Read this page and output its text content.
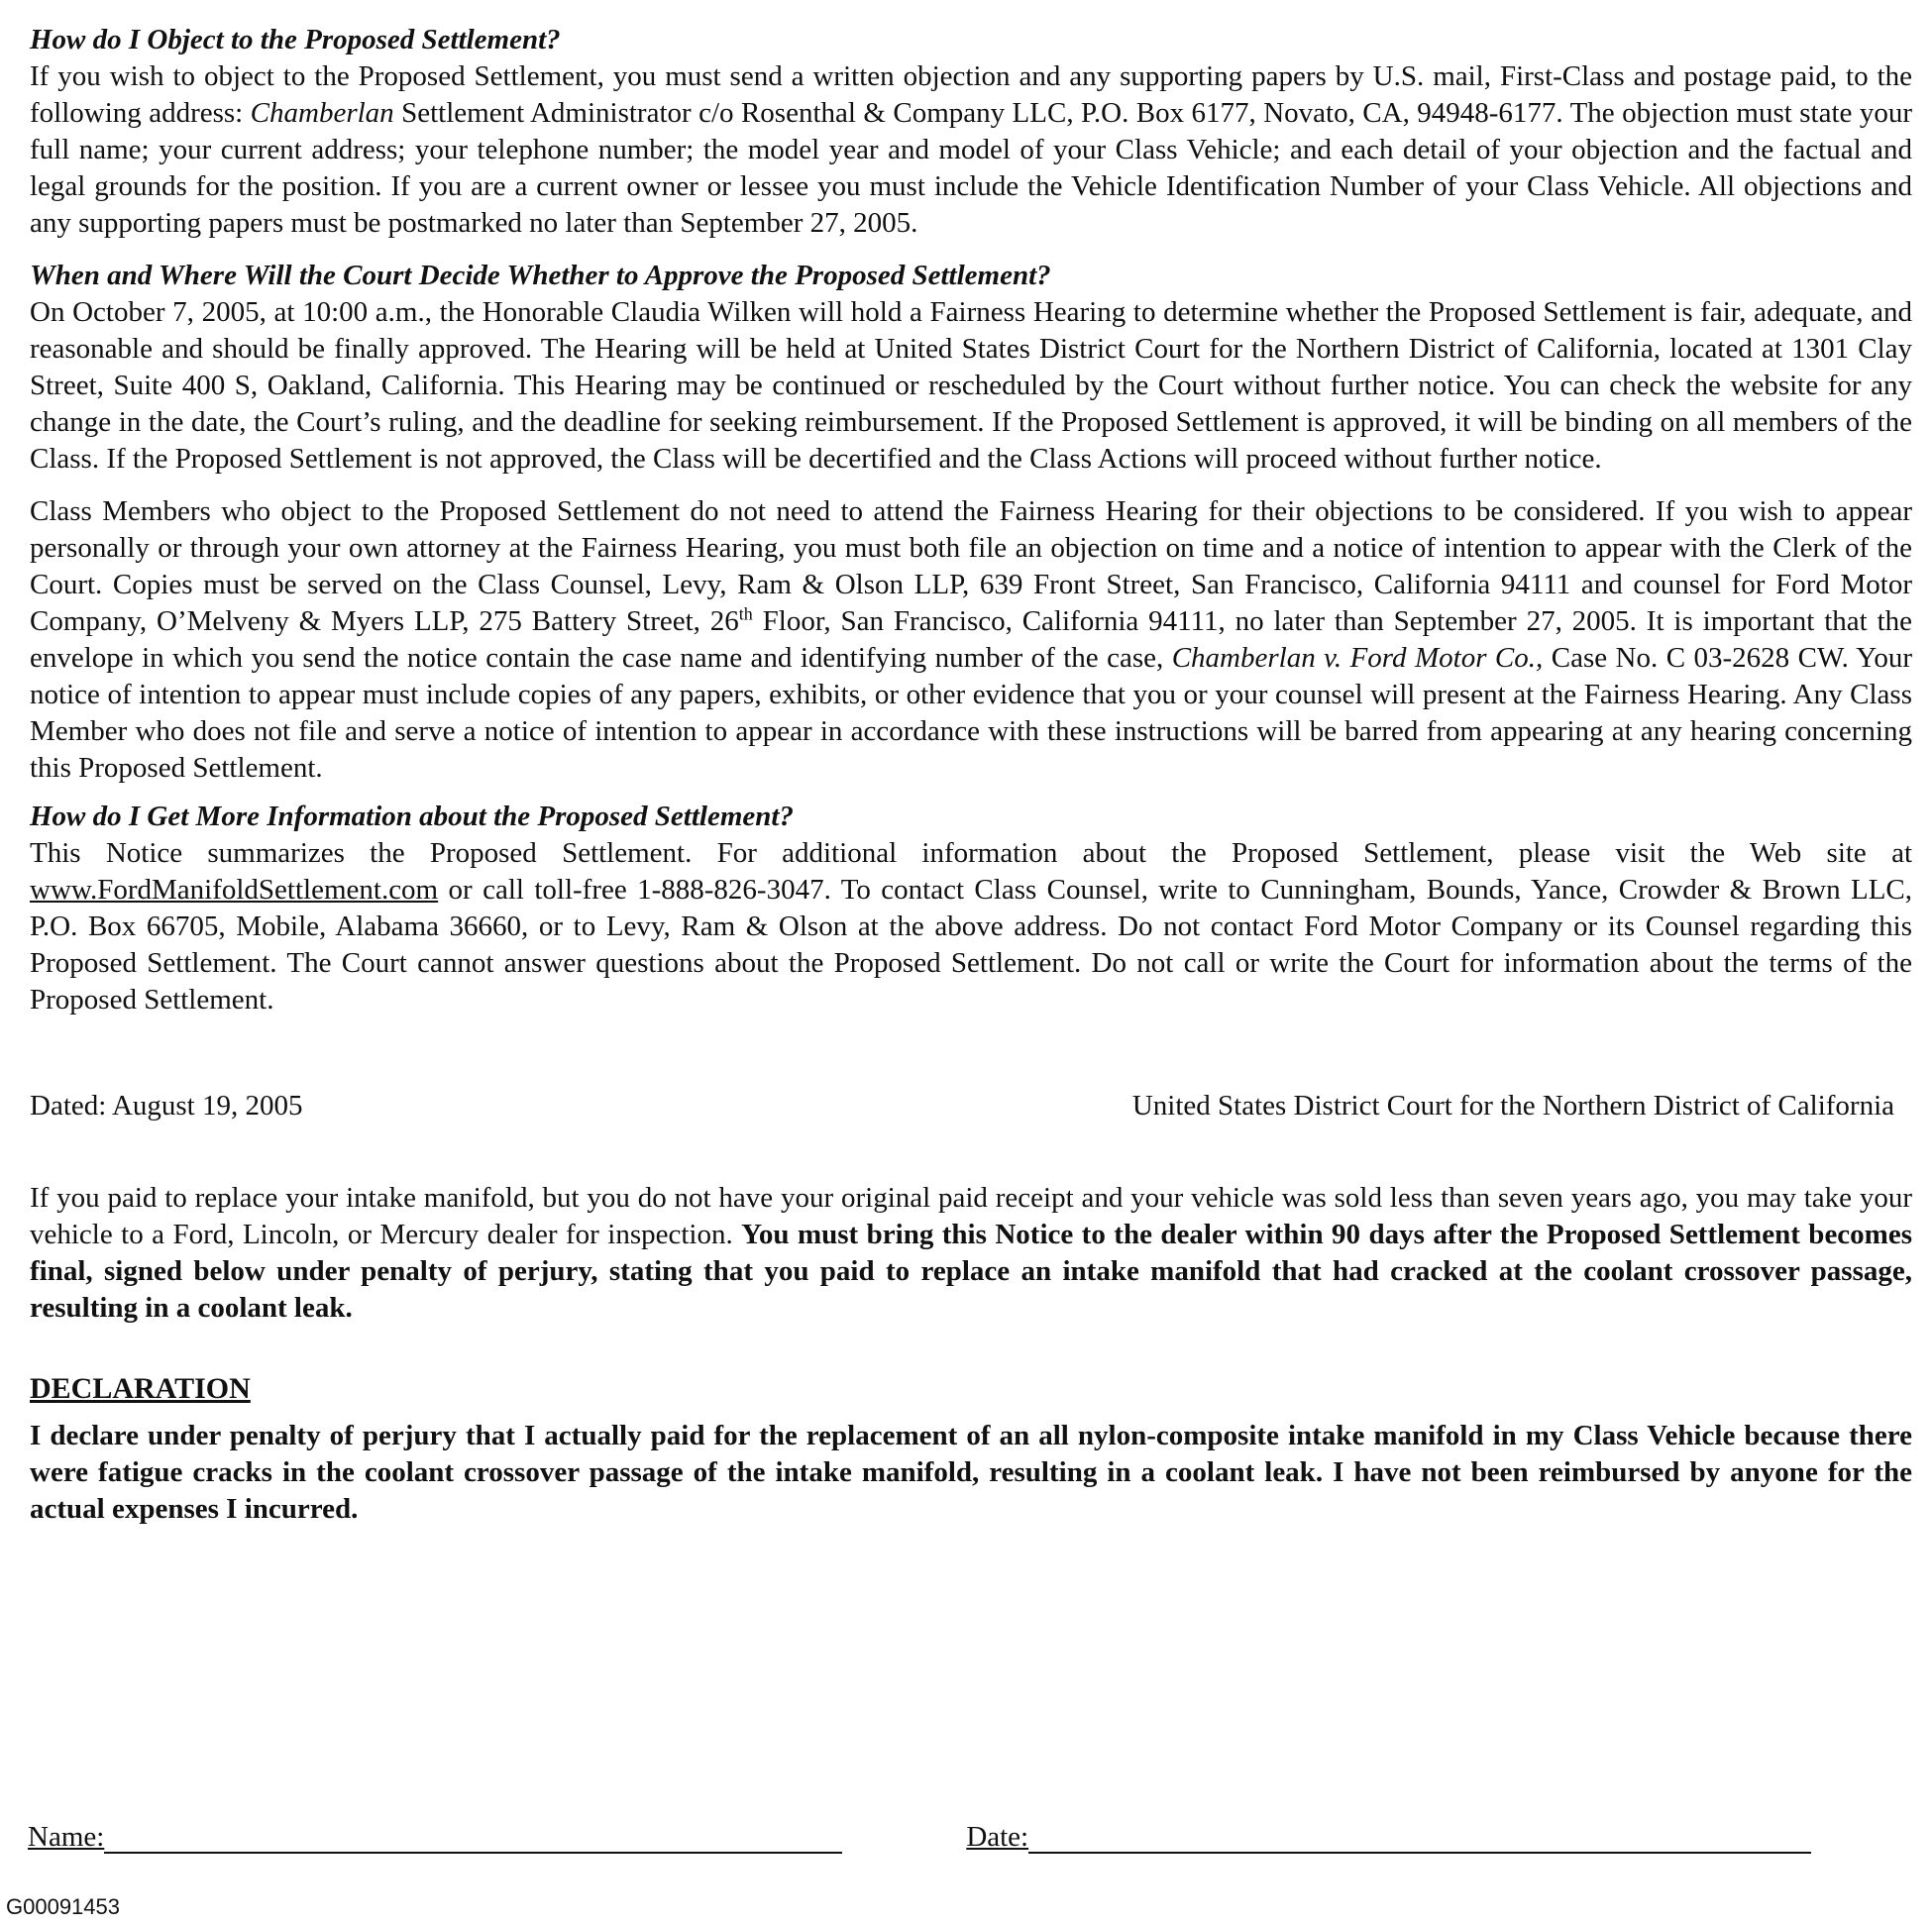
How do I Object to the Proposed Settlement?

If you wish to object to the Proposed Settlement, you must send a written objection and any supporting papers by U.S. mail, First-Class and postage paid, to the following address: Chamberlan Settlement Administrator c/o Rosenthal & Company LLC, P.O. Box 6177, Novato, CA, 94948-6177. The objection must state your full name; your current address; your telephone number; the model year and model of your Class Vehicle; and each detail of your objection and the factual and legal grounds for the position. If you are a current owner or lessee you must include the Vehicle Identification Number of your Class Vehicle. All objections and any supporting papers must be postmarked no later than September 27, 2005.

When and Where Will the Court Decide Whether to Approve the Proposed Settlement?

On October 7, 2005, at 10:00 a.m., the Honorable Claudia Wilken will hold a Fairness Hearing to determine whether the Proposed Settlement is fair, adequate, and reasonable and should be finally approved. The Hearing will be held at United States District Court for the Northern District of California, located at 1301 Clay Street, Suite 400 S, Oakland, California. This Hearing may be continued or rescheduled by the Court without further notice. You can check the website for any change in the date, the Court’s ruling, and the deadline for seeking reimbursement. If the Proposed Settlement is approved, it will be binding on all members of the Class. If the Proposed Settlement is not approved, the Class will be decertified and the Class Actions will proceed without further notice.

Class Members who object to the Proposed Settlement do not need to attend the Fairness Hearing for their objections to be considered. If you wish to appear personally or through your own attorney at the Fairness Hearing, you must both file an objection on time and a notice of intention to appear with the Clerk of the Court. Copies must be served on the Class Counsel, Levy, Ram & Olson LLP, 639 Front Street, San Francisco, California 94111 and counsel for Ford Motor Company, O’Melveny & Myers LLP, 275 Battery Street, 26th Floor, San Francisco, California 94111, no later than September 27, 2005. It is important that the envelope in which you send the notice contain the case name and identifying number of the case, Chamberlan v. Ford Motor Co., Case No. C 03-2628 CW. Your notice of intention to appear must include copies of any papers, exhibits, or other evidence that you or your counsel will present at the Fairness Hearing. Any Class Member who does not file and serve a notice of intention to appear in accordance with these instructions will be barred from appearing at any hearing concerning this Proposed Settlement.

How do I Get More Information about the Proposed Settlement?

This Notice summarizes the Proposed Settlement. For additional information about the Proposed Settlement, please visit the Web site at www.FordManifoldSettlement.com or call toll-free 1-888-826-3047. To contact Class Counsel, write to Cunningham, Bounds, Yance, Crowder & Brown LLC, P.O. Box 66705, Mobile, Alabama 36660, or to Levy, Ram & Olson at the above address. Do not contact Ford Motor Company or its Counsel regarding this Proposed Settlement. The Court cannot answer questions about the Proposed Settlement. Do not call or write the Court for information about the terms of the Proposed Settlement.

Dated: August 19, 2005	United States District Court for the Northern District of California

If you paid to replace your intake manifold, but you do not have your original paid receipt and your vehicle was sold less than seven years ago, you may take your vehicle to a Ford, Lincoln, or Mercury dealer for inspection. You must bring this Notice to the dealer within 90 days after the Proposed Settlement becomes final, signed below under penalty of perjury, stating that you paid to replace an intake manifold that had cracked at the coolant crossover passage, resulting in a coolant leak.

DECLARATION

I declare under penalty of perjury that I actually paid for the replacement of an all nylon-composite intake manifold in my Class Vehicle because there were fatigue cracks in the coolant crossover passage of the intake manifold, resulting in a coolant leak. I have not been reimbursed by anyone for the actual expenses I incurred.

Name:	Date:
G00091453
